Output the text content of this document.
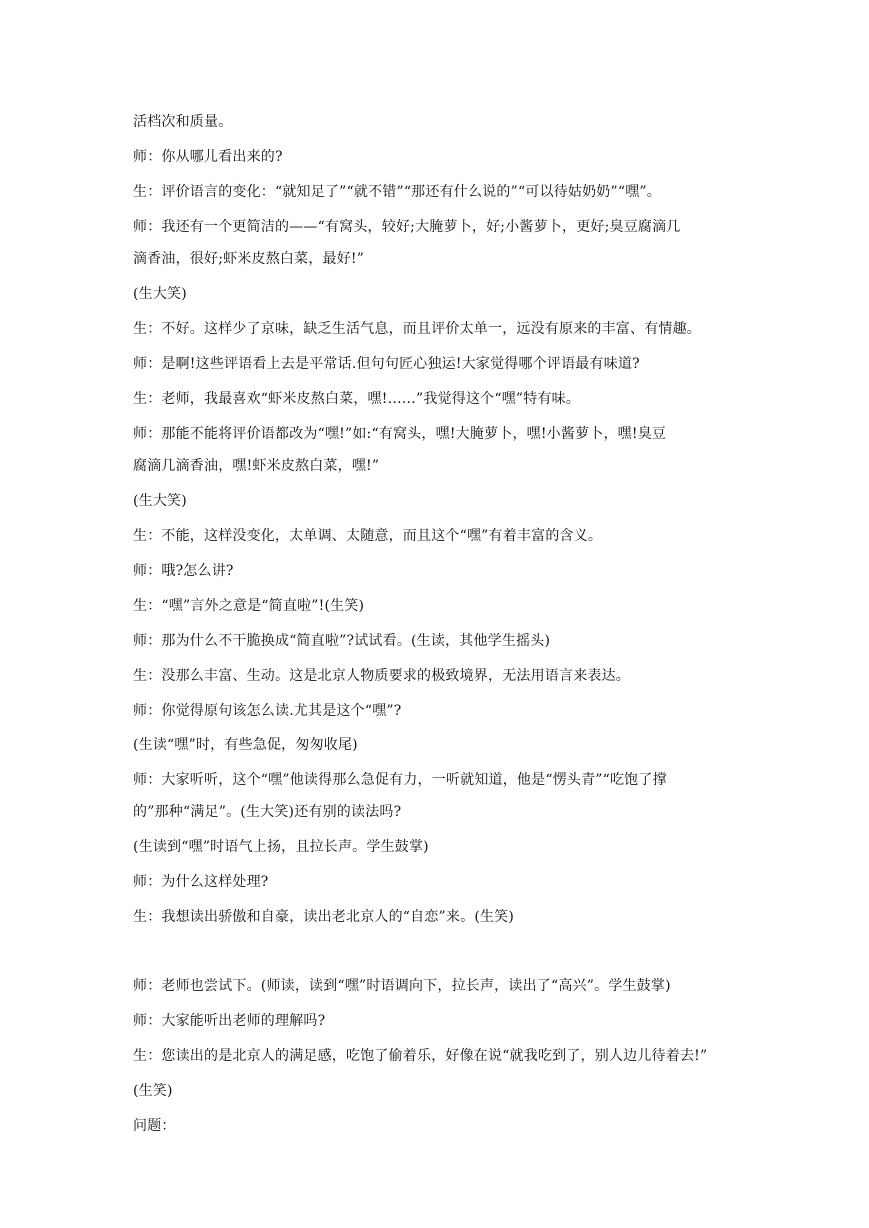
活档次和质量。

师：你从哪儿看出来的?

生：评价语言的变化：“就知足了”“就不错”“那还有什么说的”“可以待姑奶奶”“嘿”。

师：我还有一个更简洁的——“有窝头，较好;大腌萝卜，好;小酱萝卜，更好;臭豆腐滴几

滴香油，很好;虾米皮熬白菜，最好!”

(生大笑)

生：不好。这样少了京味，缺乏生活气息，而且评价太单一，远没有原来的丰富、有情趣。

师：是啊!这些评语看上去是平常话.但句句匠心独运!大家觉得哪个评语最有味道?

生：老师，我最喜欢“虾米皮熬白菜，嘿!……”我觉得这个“嘿”特有味。

师：那能不能将评价语都改为“嘿!”如:“有窝头，嘿!大腌萝卜，嘿!小酱萝卜，嘿!臭豆

腐滴几滴香油，嘿!虾米皮熬白菜，嘿!”

(生大笑)

生：不能，这样没变化，太单调、太随意，而且这个“嘿”有着丰富的含义。

师：哦?怎么讲?

生：“嘿”言外之意是“简直啦”!(生笑)

师：那为什么不干脆换成“简直啦”?试试看。(生读，其他学生摇头)

生：没那么丰富、生动。这是北京人物质要求的极致境界，无法用语言来表达。

师：你觉得原句该怎么读.尤其是这个“嘿”?

(生读“嘿”时，有些急促，匆匆收尾)

师：大家听听，这个“嘿”他读得那么急促有力，一听就知道，他是“愣头青”“吃饱了撑

的”那种“满足”。(生大笑)还有别的读法吗?

(生读到“嘿”时语气上扬，且拉长声。学生鼓掌)

师：为什么这样处理?

生：我想读出骄傲和自豪，读出老北京人的“自恋”来。(生笑)

师：老师也尝试下。(师读，读到“嘿”时语调向下，拉长声，读出了“高兴”。学生鼓掌)

师：大家能听出老师的理解吗?

生：您读出的是北京人的满足感，吃饱了偷着乐，好像在说“就我吃到了，别人边儿待着去!”

(生笑)

问题：
